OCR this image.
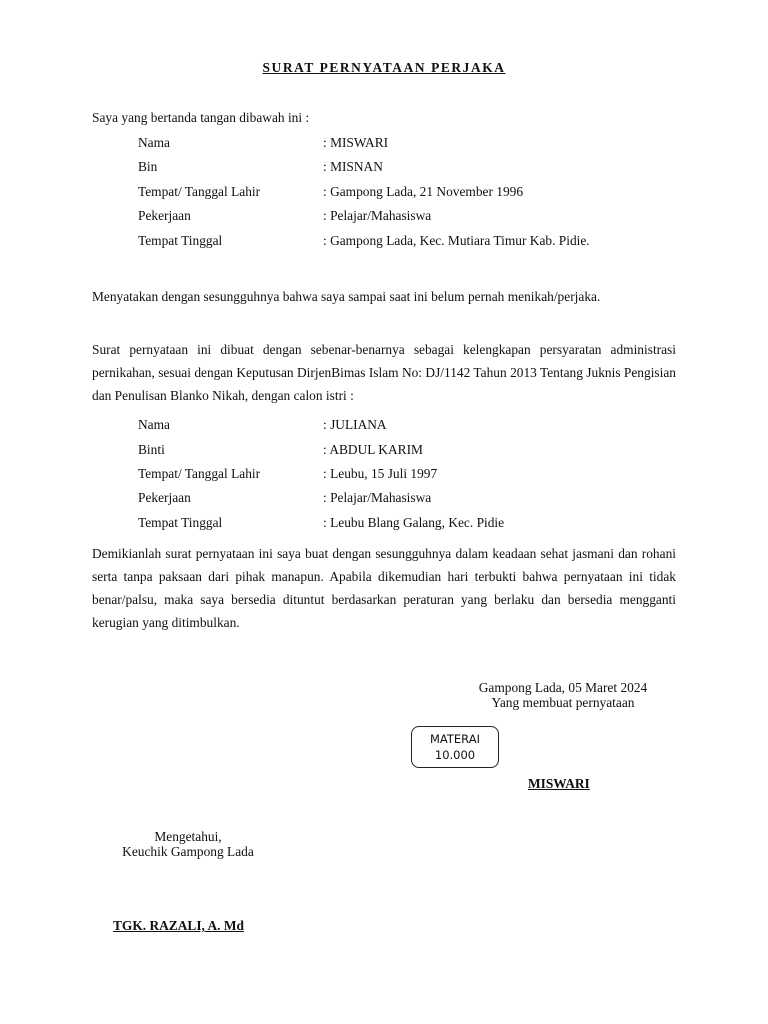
SURAT PERNYATAAN PERJAKA
Saya yang bertanda tangan dibawah ini :
Nama	: MISWARI
Bin	: MISNAN
Tempat/ Tanggal Lahir	: Gampong Lada, 21 November 1996
Pekerjaan	: Pelajar/Mahasiswa
Tempat Tinggal	: Gampong Lada, Kec. Mutiara Timur Kab. Pidie.
Menyatakan dengan sesungguhnya bahwa saya sampai saat ini belum pernah menikah/perjaka.
Surat pernyataan ini dibuat dengan sebenar-benarnya sebagai kelengkapan persyaratan administrasi pernikahan, sesuai dengan Keputusan DirjenBimas Islam No: DJ/1142 Tahun 2013 Tentang Juknis Pengisian dan Penulisan Blanko Nikah, dengan calon istri :
Nama	: JULIANA
Binti	: ABDUL KARIM
Tempat/ Tanggal Lahir	: Leubu, 15 Juli 1997
Pekerjaan	: Pelajar/Mahasiswa
Tempat Tinggal	: Leubu Blang Galang, Kec. Pidie
Demikianlah surat pernyataan ini saya buat dengan sesungguhnya dalam keadaan sehat jasmani dan rohani serta tanpa paksaan dari pihak manapun. Apabila dikemudian hari terbukti bahwa pernyataan ini tidak benar/palsu, maka saya bersedia dituntut berdasarkan peraturan yang berlaku dan bersedia mengganti kerugian yang ditimbulkan.
Gampong Lada, 05 Maret 2024
Yang membuat pernyataan
MATERAI
10.000
MISWARI
Mengetahui,
Keuchik Gampong Lada
TGK. RAZALI, A. Md
